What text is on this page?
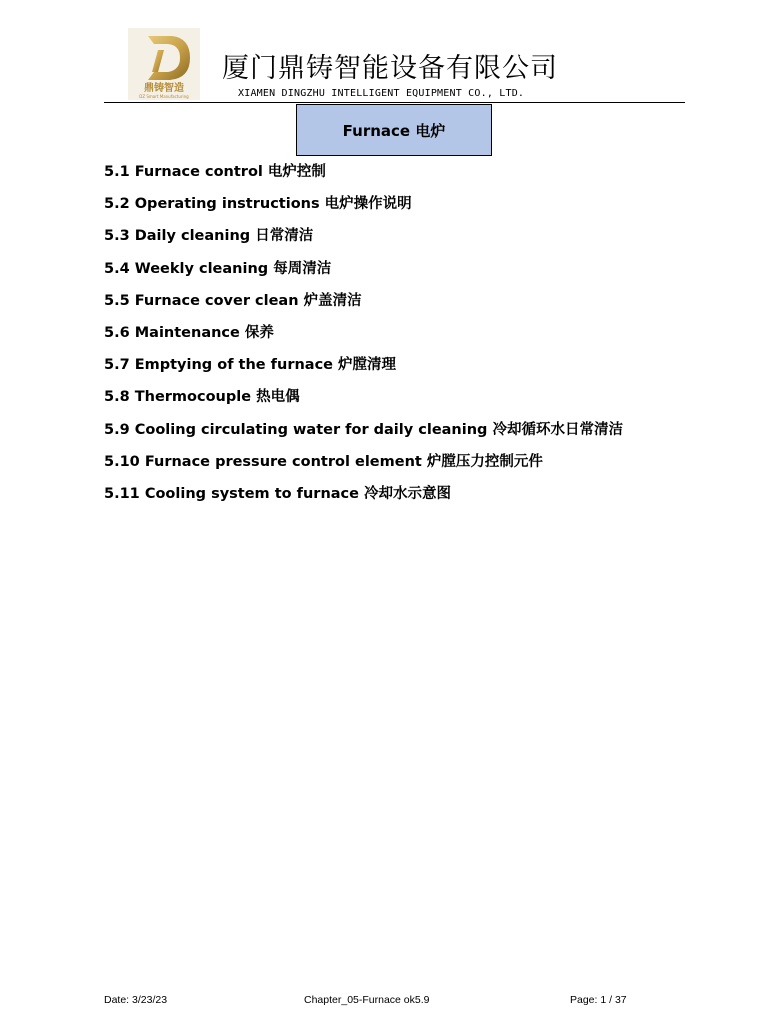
鼎铸智造
DZ Smart Manufacturing
厦门鼎铸智能设备有限公司
XIAMEN DINGZHU INTELLIGENT EQUIPMENT CO., LTD.
Furnace 电炉
5.1 Furnace control 电炉控制
5.2 Operating instructions 电炉操作说明
5.3 Daily cleaning 日常清洁
5.4 Weekly cleaning 每周清洁
5.5 Furnace cover clean 炉盖清洁
5.6 Maintenance 保养
5.7 Emptying of the furnace 炉膛清理
5.8 Thermocouple 热电偶
5.9 Cooling circulating water for daily cleaning 冷却循环水日常清洁
5.10 Furnace pressure control element 炉膛压力控制元件
5.11 Cooling system to furnace 冷却水示意图
Date: 3/23/23	Chapter_05-Furnace ok5.9	Page: 1 / 37
